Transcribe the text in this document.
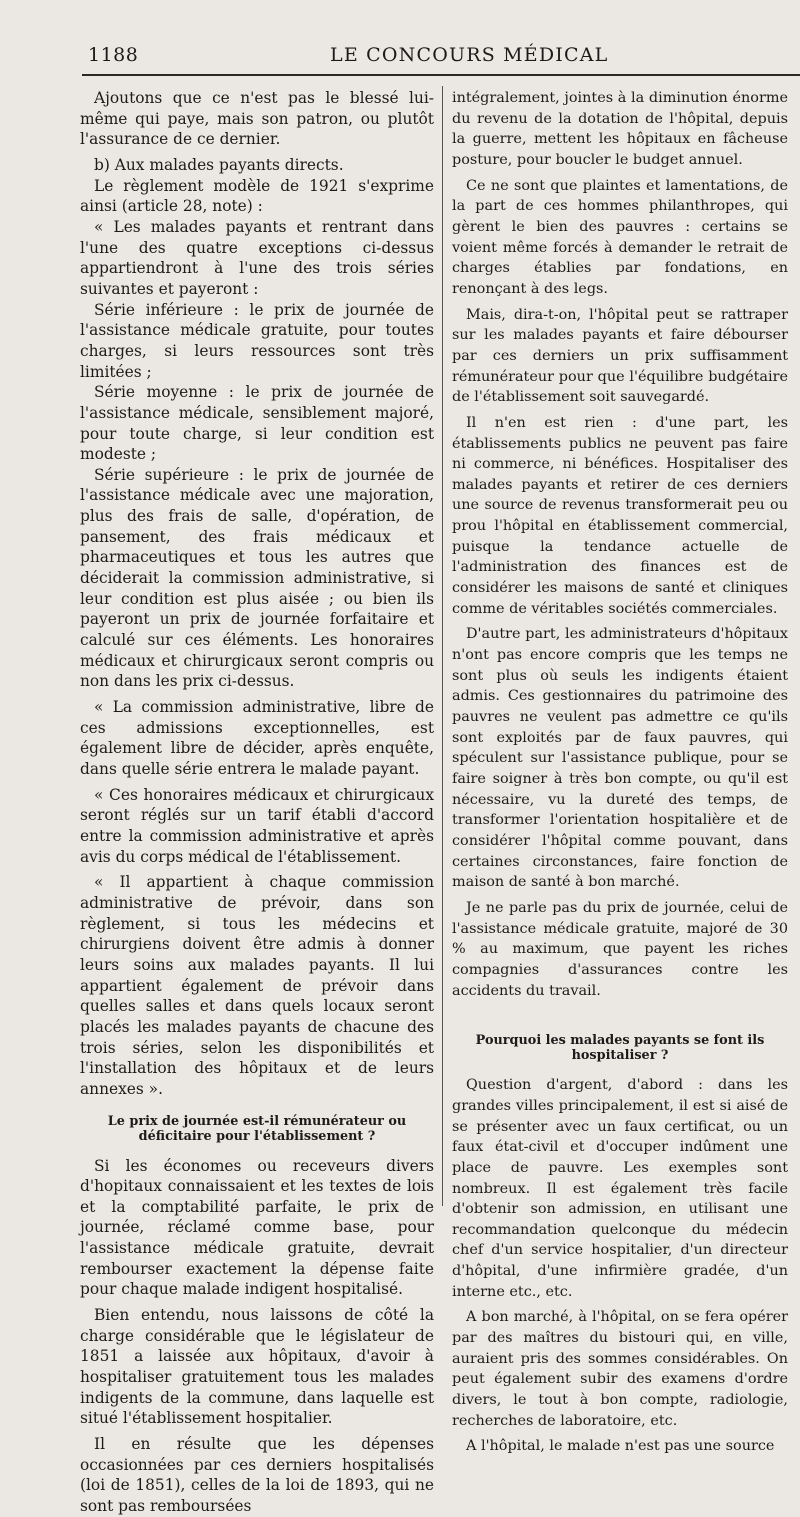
1188	LE CONCOURS MÉDICAL

Ajoutons que ce n'est pas le blessé lui-même qui paye, mais son patron, ou plutôt l'assurance de ce dernier.

b) Aux malades payants directs.

Le règlement modèle de 1921 s'exprime ainsi (article 28, note) :

« Les malades payants et rentrant dans l'une des quatre exceptions ci-dessus appartiendront à l'une des trois séries suivantes et payeront :

Série inférieure : le prix de journée de l'assistance médicale gratuite, pour toutes charges, si leurs ressources sont très limitées ;

Série moyenne : le prix de journée de l'assistance médicale, sensiblement majoré, pour toute charge, si leur condition est modeste ;

Série supérieure : le prix de journée de l'assistance médicale avec une majoration, plus des frais de salle, d'opération, de pansement, des frais médicaux et pharmaceutiques et tous les autres que déciderait la commission administrative, si leur condition est plus aisée ; ou bien ils payeront un prix de journée forfaitaire et calculé sur ces éléments. Les honoraires médicaux et chirurgicaux seront compris ou non dans les prix ci-dessus.

« La commission administrative, libre de ces admissions exceptionnelles, est également libre de décider, après enquête, dans quelle série entrera le malade payant.

« Ces honoraires médicaux et chirurgicaux seront réglés sur un tarif établi d'accord entre la commission administrative et après avis du corps médical de l'établissement.

« Il appartient à chaque commission administrative de prévoir, dans son règlement, si tous les médecins et chirurgiens doivent être admis à donner leurs soins aux malades payants. Il lui appartient également de prévoir dans quelles salles et dans quels locaux seront placés les malades payants de chacune des trois séries, selon les disponibilités et l'installation des hôpitaux et de leurs annexes ».

Le prix de journée est-il rémunérateur ou déficitaire pour l'établissement ?

Si les économes ou receveurs divers d'hopitaux connaissaient et les textes de lois et la comptabilité parfaite, le prix de journée, réclamé comme base, pour l'assistance médicale gratuite, devrait rembourser exactement la dépense faite pour chaque malade indigent hospitalisé.

Bien entendu, nous laissons de côté la charge considérable que le législateur de 1851 a laissée aux hôpitaux, d'avoir à hospitaliser gratuitement tous les malades indigents de la commune, dans laquelle est situé l'établissement hospitalier.

Il en résulte que les dépenses occasionnées par ces derniers hospitalisés (loi de 1851), celles de la loi de 1893, qui ne sont pas remboursées

intégralement, jointes à la diminution énorme du revenu de la dotation de l'hôpital, depuis la guerre, mettent les hôpitaux en fâcheuse posture, pour boucler le budget annuel.

Ce ne sont que plaintes et lamentations, de la part de ces hommes philanthropes, qui gèrent le bien des pauvres : certains se voient même forcés à demander le retrait de charges établies par fondations, en renonçant à des legs.

Mais, dira-t-on, l'hôpital peut se rattraper sur les malades payants et faire débourser par ces derniers un prix suffisamment rémunérateur pour que l'équilibre budgétaire de l'établissement soit sauvegardé.

Il n'en est rien : d'une part, les établissements publics ne peuvent pas faire ni commerce, ni bénéfices. Hospitaliser des malades payants et retirer de ces derniers une source de revenus transformerait peu ou prou l'hôpital en établissement commercial, puisque la tendance actuelle de l'administration des finances est de considérer les maisons de santé et cliniques comme de véritables sociétés commerciales.

D'autre part, les administrateurs d'hôpitaux n'ont pas encore compris que les temps ne sont plus où seuls les indigents étaient admis. Ces gestionnaires du patrimoine des pauvres ne veulent pas admettre ce qu'ils sont exploités par de faux pauvres, qui spéculent sur l'assistance publique, pour se faire soigner à très bon compte, ou qu'il est nécessaire, vu la dureté des temps, de transformer l'orientation hospitalière et de considérer l'hôpital comme pouvant, dans certaines circonstances, faire fonction de maison de santé à bon marché.

Je ne parle pas du prix de journée, celui de l'assistance médicale gratuite, majoré de 30 % au maximum, que payent les riches compagnies d'assurances contre les accidents du travail.

Pourquoi les malades payants se font ils hospitaliser ?

Question d'argent, d'abord : dans les grandes villes principalement, il est si aisé de se présenter avec un faux certificat, ou un faux état-civil et d'occuper indûment une place de pauvre. Les exemples sont nombreux. Il est également très facile d'obtenir son admission, en utilisant une recommandation quelconque du médecin chef d'un service hospitalier, d'un directeur d'hôpital, d'une infirmière gradée, d'un interne etc., etc.

A bon marché, à l'hôpital, on se fera opérer par des maîtres du bistouri qui, en ville, auraient pris des sommes considérables. On peut également subir des examens d'ordre divers, le tout à bon compte, radiologie, recherches de laboratoire, etc.

A l'hôpital, le malade n'est pas une source
